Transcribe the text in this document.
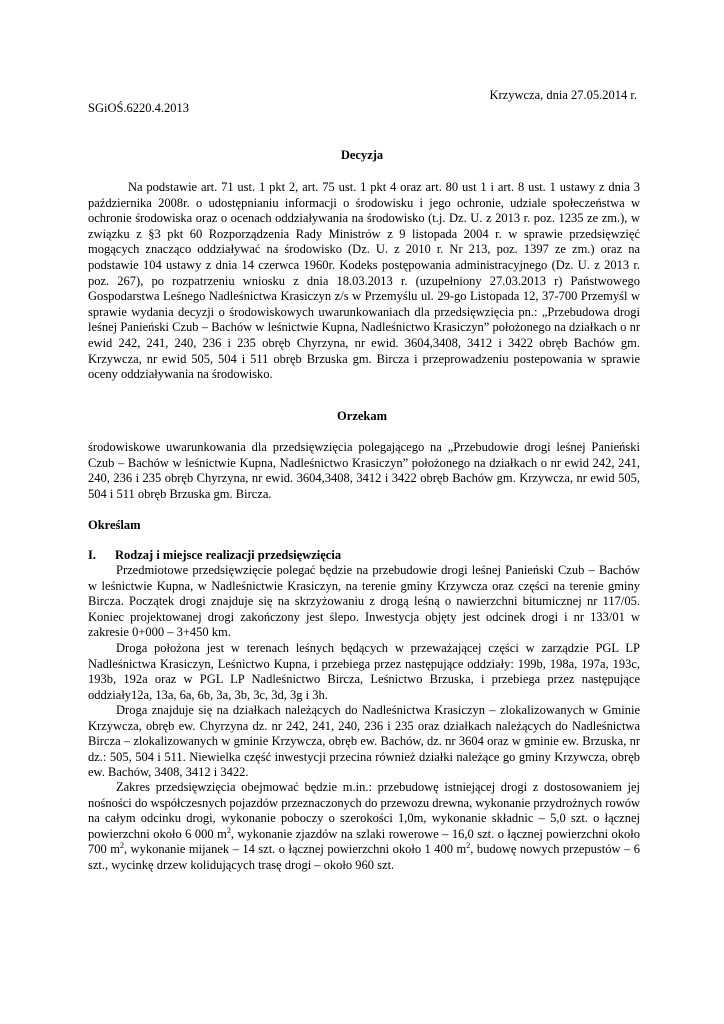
Krzywcza, dnia 27.05.2014 r.
SGiOŚ.6220.4.2013
Decyzja
Na podstawie art. 71 ust. 1 pkt 2, art. 75 ust. 1 pkt 4 oraz art. 80 ust 1 i art. 8 ust. 1 ustawy z dnia 3 października 2008r. o udostępnianiu informacji o środowisku i jego ochronie, udziale społeczeństwa w ochronie środowiska oraz o ocenach oddziaływania na środowisko (t.j. Dz. U. z 2013 r. poz. 1235 ze zm.), w związku z §3 pkt 60 Rozporządzenia Rady Ministrów z 9 listopada 2004 r. w sprawie przedsięwzięć mogących znacząco oddziaływać na środowisko (Dz. U. z 2010 r. Nr 213, poz. 1397 ze zm.) oraz na podstawie 104 ustawy z dnia 14 czerwca 1960r. Kodeks postępowania administracyjnego (Dz. U. z 2013 r. poz. 267), po rozpatrzeniu wniosku z dnia 18.03.2013 r. (uzupełniony 27.03.2013 r) Państwowego Gospodarstwa Leśnego Nadleśnictwa Krasiczyn z/s w Przemyślu ul. 29-go Listopada 12, 37-700 Przemyśl w sprawie wydania decyzji o środowiskowych uwarunkowaniach dla przedsięwzięcia pn.: „Przebudowa drogi leśnej Panieński Czub – Bachów w leśnictwie Kupna, Nadleśnictwo Krasiczyn” położonego na działkach o nr ewid 242, 241, 240, 236 i 235 obręb Chyrzyna, nr ewid. 3604,3408, 3412 i 3422 obręb Bachów gm. Krzywcza, nr ewid 505, 504 i 511 obręb Brzuska gm. Bircza i przeprowadzeniu postepowania w sprawie oceny oddziaływania na środowisko.
Orzekam
środowiskowe uwarunkowania dla przedsięwzięcia polegającego na „Przebudowie drogi leśnej Panieński Czub – Bachów w leśnictwie Kupna, Nadleśnictwo Krasiczyn” położonego na działkach o nr ewid 242, 241, 240, 236 i 235 obręb Chyrzyna, nr ewid. 3604,3408, 3412 i 3422 obręb Bachów gm. Krzywcza, nr ewid 505, 504 i 511 obręb Brzuska gm. Bircza.
Określam
I. Rodzaj i miejsce realizacji przedsięwzięcia
Przedmiotowe przedsięwzięcie polegać będzie na przebudowie drogi leśnej Panieński Czub – Bachów w leśnictwie Kupna, w Nadleśnictwie Krasiczyn, na terenie gminy Krzywcza oraz części na terenie gminy Bircza. Początek drogi znajduje się na skrzyżowaniu z drogą leśną o nawierzchni bitumicznej nr 117/05. Koniec projektowanej drogi zakończony jest ślepo. Inwestycja objęty jest odcinek drogi i nr 133/01 w zakresie 0+000 – 3+450 km.
Droga położona jest w terenach leśnych będących w przeważającej części w zarządzie PGL LP Nadleśnictwa Krasiczyn, Leśnictwo Kupna, i przebiega przez następujące oddziały: 199b, 198a, 197a, 193c, 193b, 192a oraz w PGL LP Nadleśnictwo Bircza, Leśnictwo Brzuska, i przebiega przez następujące oddziały12a, 13a, 6a, 6b, 3a, 3b, 3c, 3d, 3g i 3h.
Droga znajduje się na działkach należących do Nadleśnictwa Krasiczyn – zlokalizowanych w Gminie Krzywcza, obręb ew. Chyrzyna dz. nr 242, 241, 240, 236 i 235 oraz działkach należących do Nadleśnictwa Bircza – zlokalizowanych w gminie Krzywcza, obręb ew. Bachów, dz. nr 3604 oraz w gminie ew. Brzuska, nr dz.: 505, 504 i 511. Niewielka część inwestycji przecina również działki należące go gminy Krzywcza, obręb ew. Bachów, 3408, 3412 i 3422.
Zakres przedsięwzięcia obejmować będzie m.in.: przebudowę istniejącej drogi z dostosowaniem jej nośności do współczesnych pojazdów przeznaczonych do przewozu drewna, wykonanie przydrożnych rowów na całym odcinku drogi, wykonanie poboczy o szerokości 1,0m, wykonanie składnic – 5,0 szt. o łącznej powierzchni około 6 000 $m^2$, wykonanie zjazdów na szlaki rowerowe – 16,0 szt. o łącznej powierzchni około 700 $m^2$, wykonanie mijanek – 14 szt. o łącznej powierzchni około 1 400 $m^2$, budowę nowych przepustów – 6 szt., wycinkę drzew kolidujących trasę drogi – około 960 szt.
